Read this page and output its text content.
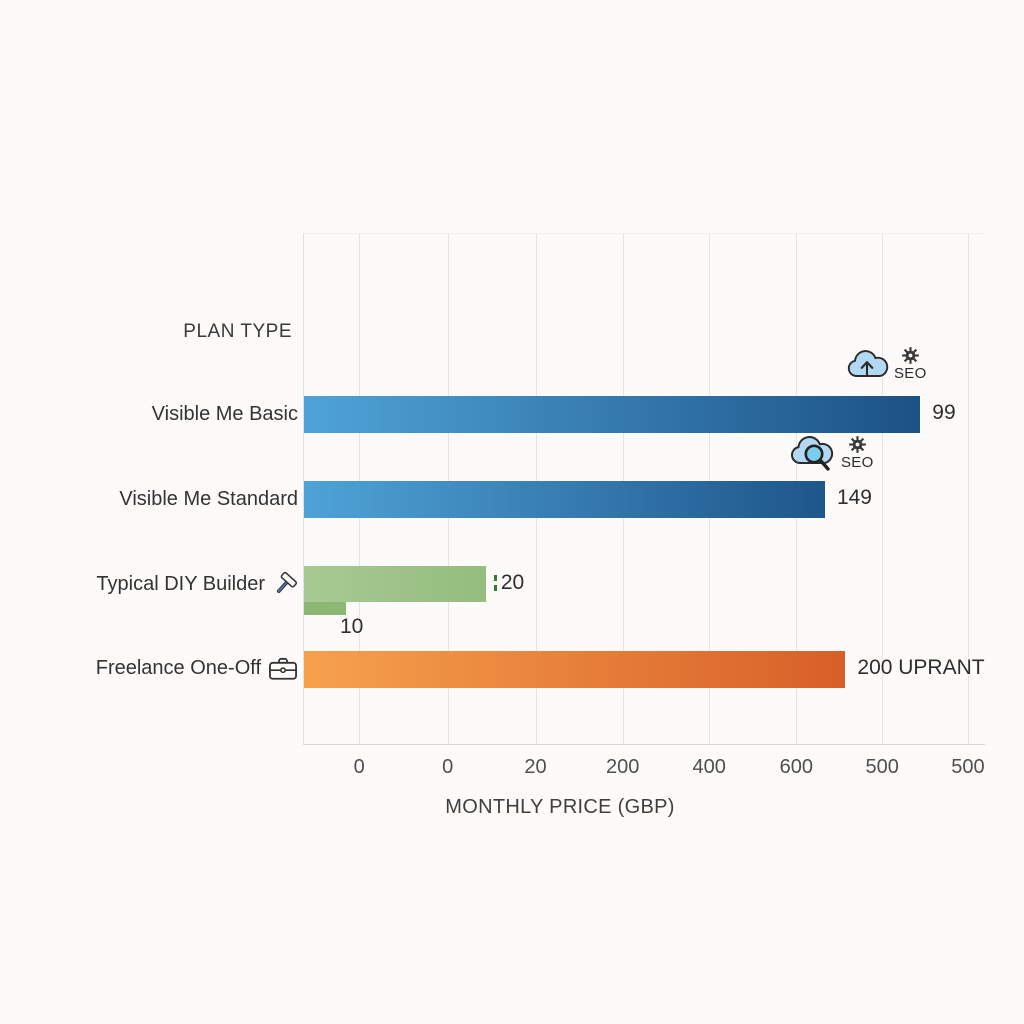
PLAN TYPE
Visible Me Basic
Visible Me Standard
Typical DIY Builder
Freelance One-Off
99
149
20
10
200 UPRANT
SEO
SEO
0	0	20	200	400	600	500	500
MONTHLY PRICE (GBP)
